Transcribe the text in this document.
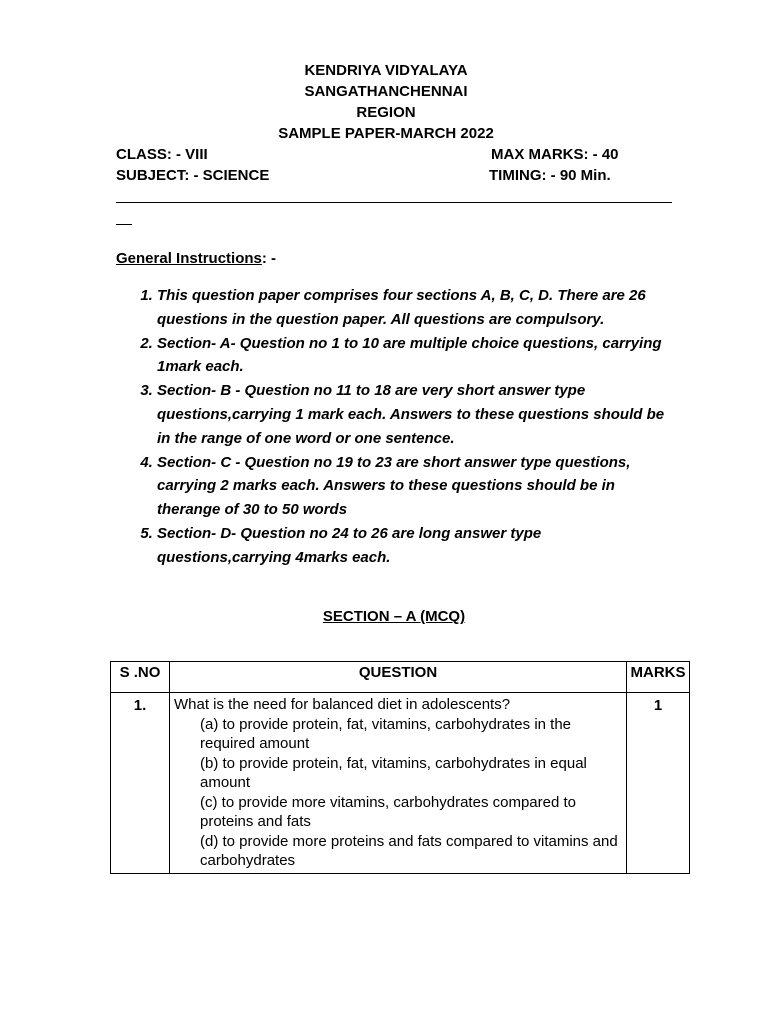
KENDRIYA VIDYALAYA
SANGATHANCHENNAI
REGION
SAMPLE PAPER-MARCH 2022
CLASS: - VIII	MAX MARKS: - 40
SUBJECT: - SCIENCE	TIMING: - 90 Min.
General Instructions: -
1. This question paper comprises four sections A, B, C, D. There are 26 questions in the question paper. All questions are compulsory.
2. Section- A- Question no 1 to 10 are multiple choice questions, carrying 1mark each.
3. Section- B - Question no 11 to 18 are very short answer type questions,carrying 1 mark each. Answers to these questions should be in the range of one word or one sentence.
4. Section- C - Question no 19 to 23 are short answer type questions, carrying 2 marks each. Answers to these questions should be in therange of 30 to 50 words
5. Section- D- Question no 24 to 26 are long answer type questions,carrying 4marks each.
SECTION – A (MCQ)
S .NO	QUESTION	MARKS
1.	What is the need for balanced diet in adolescents?
(a) to provide protein, fat, vitamins, carbohydrates in the required amount
(b) to provide protein, fat, vitamins, carbohydrates in equal amount
(c) to provide more vitamins, carbohydrates compared to proteins and fats
(d) to provide more proteins and fats compared to vitamins and carbohydrates	1
